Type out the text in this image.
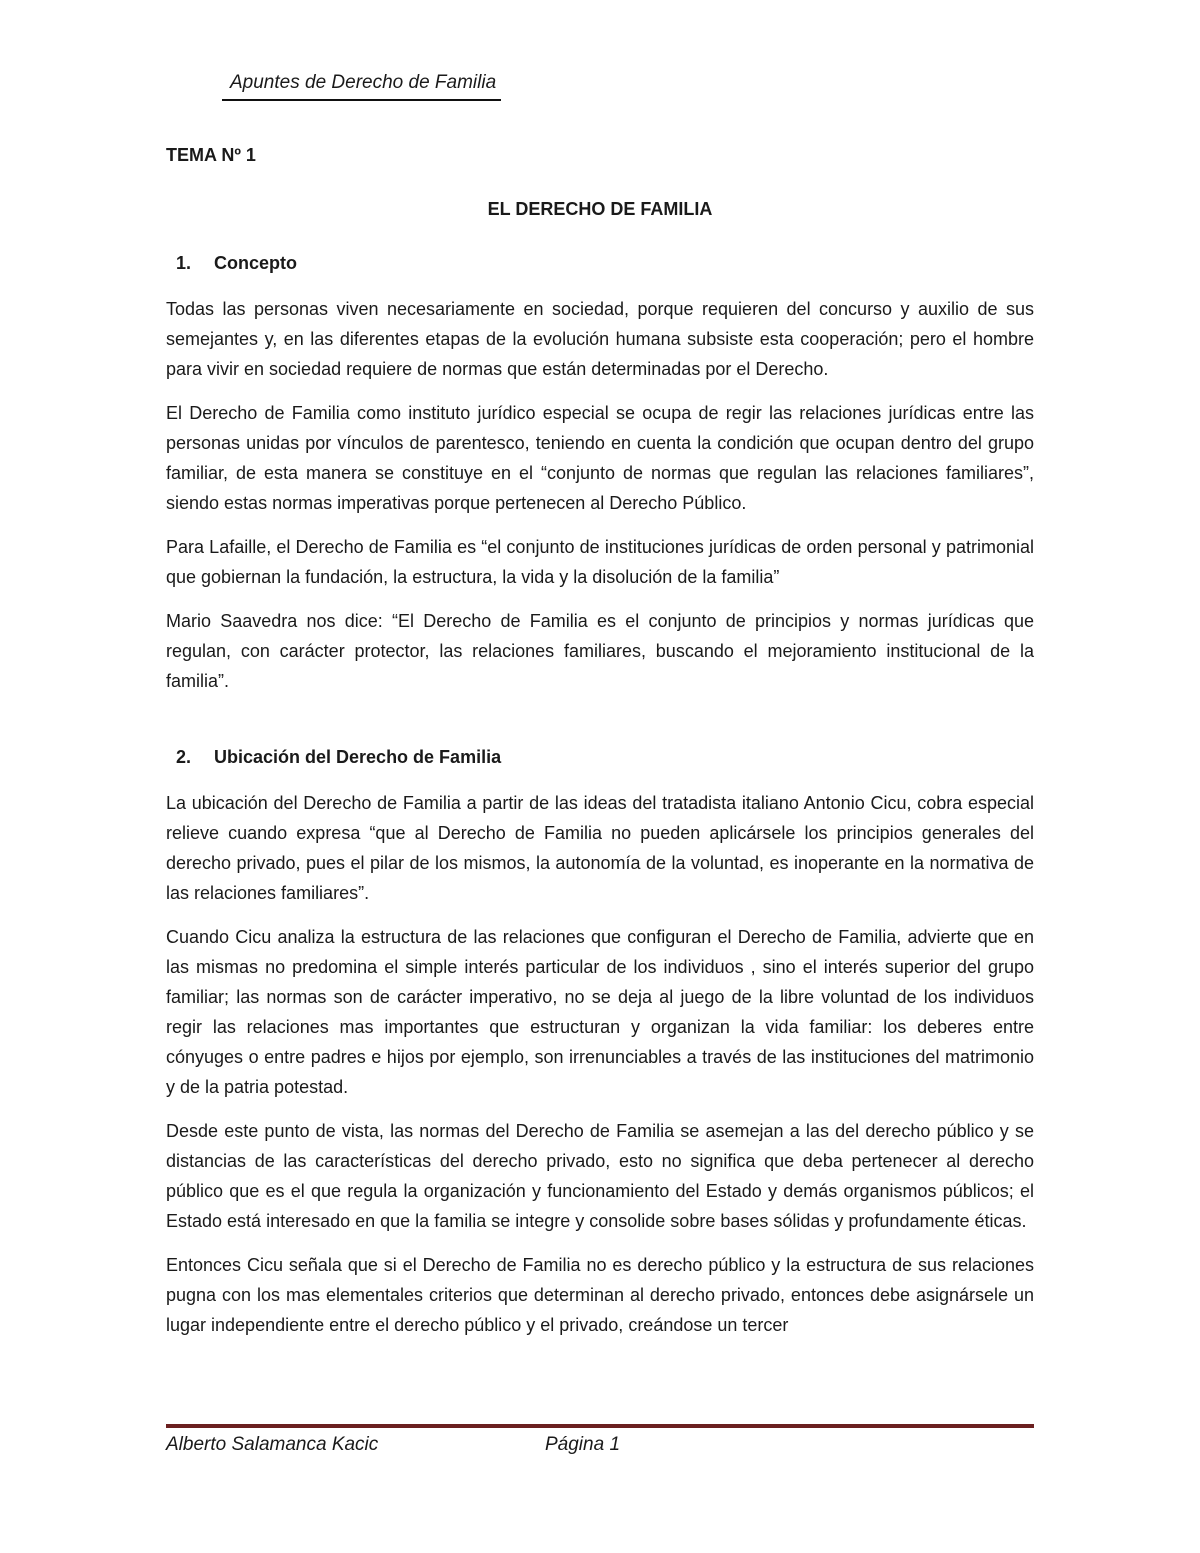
Apuntes de Derecho de Familia
TEMA Nº 1
EL DERECHO DE FAMILIA
1.	Concepto

Todas las personas viven necesariamente en sociedad, porque requieren del concurso y auxilio de sus semejantes y, en las diferentes etapas de la evolución humana subsiste esta cooperación; pero el hombre para vivir en sociedad requiere de normas que están determinadas por el Derecho.

El Derecho de Familia como instituto jurídico especial se ocupa de regir las relaciones jurídicas entre las personas unidas por vínculos de parentesco, teniendo en cuenta la condición que ocupan dentro del grupo familiar, de esta manera se constituye en el “conjunto de normas que regulan las relaciones familiares”, siendo estas normas imperativas porque pertenecen al Derecho Público.

Para Lafaille, el Derecho de Familia es “el conjunto de instituciones jurídicas de orden personal y patrimonial que gobiernan la fundación, la estructura, la vida y la disolución de la familia”

Mario Saavedra nos dice: “El Derecho de Familia es el conjunto de principios y normas jurídicas que regulan, con carácter protector, las relaciones familiares, buscando el mejoramiento institucional de la familia”.

2.	Ubicación del Derecho de Familia

La ubicación del Derecho de Familia a partir de las ideas del tratadista italiano Antonio Cicu, cobra especial relieve cuando expresa “que al Derecho de Familia no pueden aplicársele los principios generales del derecho privado, pues el pilar de los mismos, la autonomía de la voluntad, es inoperante en la normativa de las relaciones familiares”.

Cuando Cicu analiza la estructura de las relaciones que configuran el Derecho de Familia, advierte que en las mismas no predomina el simple interés particular de los individuos , sino el interés superior del grupo familiar; las normas son de carácter imperativo, no se deja al juego de la libre voluntad de los individuos regir las relaciones mas importantes que estructuran y organizan la vida familiar: los deberes entre cónyuges o entre padres e hijos por ejemplo, son irrenunciables a través de las instituciones del matrimonio y de la patria potestad.

Desde este punto de vista, las normas del Derecho de Familia se asemejan a las del derecho público y se distancias de las características del derecho privado, esto no significa que deba pertenecer al derecho público que es el que regula la organización y funcionamiento del Estado y demás organismos públicos; el Estado está interesado en que la familia se integre y consolide sobre bases sólidas y profundamente éticas.

Entonces Cicu señala que si el Derecho de Familia no es derecho público y la estructura de sus relaciones pugna con los mas elementales criterios que determinan al derecho privado, entonces debe asignársele un lugar independiente entre el derecho público y el privado, creándose un tercer

Alberto Salamanca Kacic	Página 1
